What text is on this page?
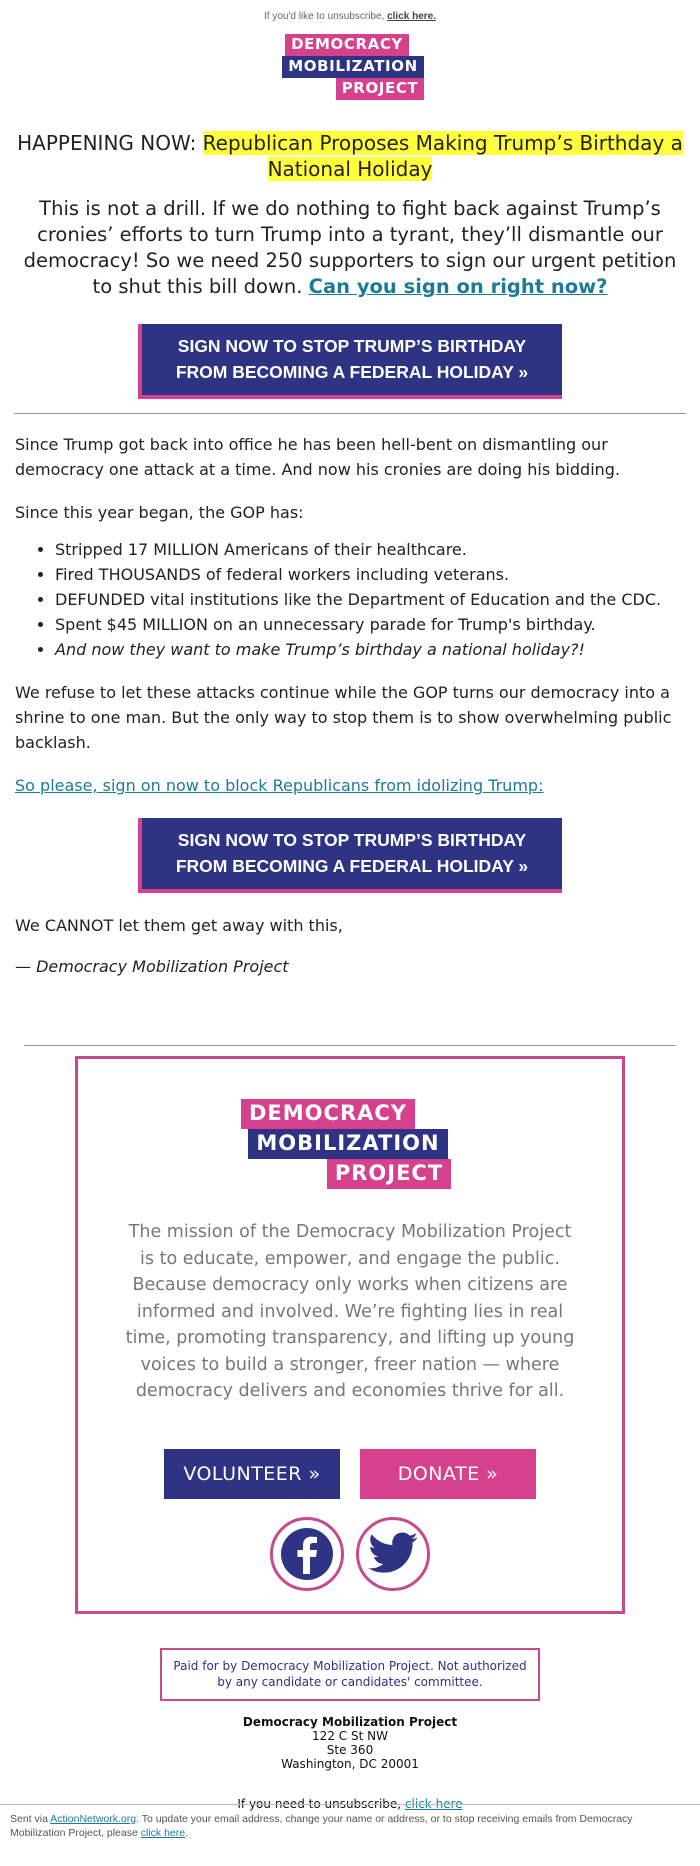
If you'd like to unsubscribe, click here.
DEMOCRACY
MOBILIZATION
PROJECT
HAPPENING NOW: Republican Proposes Making Trump’s Birthday a National Holiday

This is not a drill. If we do nothing to fight back against Trump’s cronies’ efforts to turn Trump into a tyrant, they’ll dismantle our democracy! So we need 250 supporters to sign our urgent petition to shut this bill down. Can you sign on right now?

SIGN NOW TO STOP TRUMP’S BIRTHDAY
FROM BECOMING A FEDERAL HOLIDAY »

Since Trump got back into office he has been hell-bent on dismantling our democracy one attack at a time. And now his cronies are doing his bidding.

Since this year began, the GOP has:

• Stripped 17 MILLION Americans of their healthcare.
• Fired THOUSANDS of federal workers including veterans.
• DEFUNDED vital institutions like the Department of Education and the CDC.
• Spent $45 MILLION on an unnecessary parade for Trump's birthday.
• And now they want to make Trump’s birthday a national holiday?!

We refuse to let these attacks continue while the GOP turns our democracy into a shrine to one man. But the only way to stop them is to show overwhelming public backlash.

So please, sign on now to block Republicans from idolizing Trump:

SIGN NOW TO STOP TRUMP’S BIRTHDAY
FROM BECOMING A FEDERAL HOLIDAY »

We CANNOT let them get away with this,

— Democracy Mobilization Project

DEMOCRACY
MOBILIZATION
PROJECT

The mission of the Democracy Mobilization Project is to educate, empower, and engage the public. Because democracy only works when citizens are informed and involved. We’re fighting lies in real time, promoting transparency, and lifting up young voices to build a stronger, freer nation — where democracy delivers and economies thrive for all.

VOLUNTEER »	DONATE »
Paid for by Democracy Mobilization Project. Not authorized by any candidate or candidates' committee.
Democracy Mobilization Project
122 C St NW
Ste 360
Washington, DC 20001
If you need to unsubscribe, click here
Sent via ActionNetwork.org. To update your email address, change your name or address, or to stop receiving emails from Democracy Mobilization Project, please click here.
